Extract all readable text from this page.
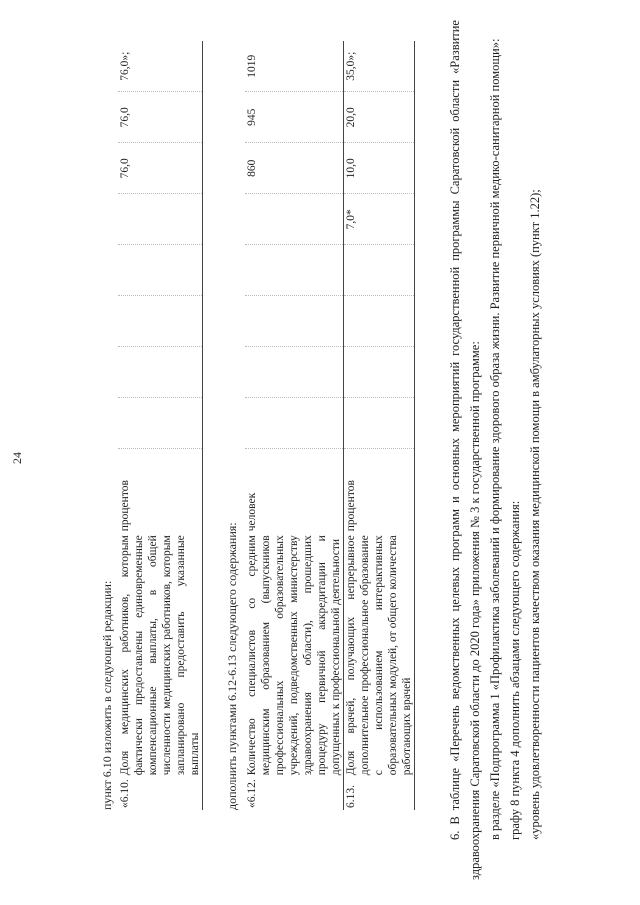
24
пункт 6.10 изложить в следующей редакции: «6.10.	Доля медицинских работников, которым фактически предоставлены единовременные компенсационные выплаты, в общей численности медицинских работников, которым запланировано предоставить указанные выплаты	процентов						76,0	76,0	76,0»;
дополнить пунктами 6.12-6.13 следующего содержания: «6.12.	Количество специалистов со средним медицинским образованием (выпускников профессиональных образовательных учреждений, подведомственных министерству здравоохранения области), прошедших процедуру первичной аккредитации и допущенных к профессиональной деятельности	человек						860	945	1019
6.13.	Доля врачей, получающих непрерывное дополнительное профессиональное образование с использованием интерактивных образовательных модулей, от общего количества работающих врачей	процентов					7,0*	10,0	20,0	35,0»;	6. В таблице «Перечень ведомственных целевых программ и основных мероприятий государственной программы Саратовской области «Развитие здравоохранения Саратовской области до 2020 года» приложения № 3 к государственной программе: в разделе «Подпрограмма 1 «Профилактика заболеваний и формирование здорового образа жизни. Развитие первичной медико-санитарной помощи»: графу 8 пункта 4 дополнить абзацами следующего содержания: «уровень удовлетворенности пациентов качеством оказания медицинской помощи в амбулаторных условиях (пункт 1.22);
